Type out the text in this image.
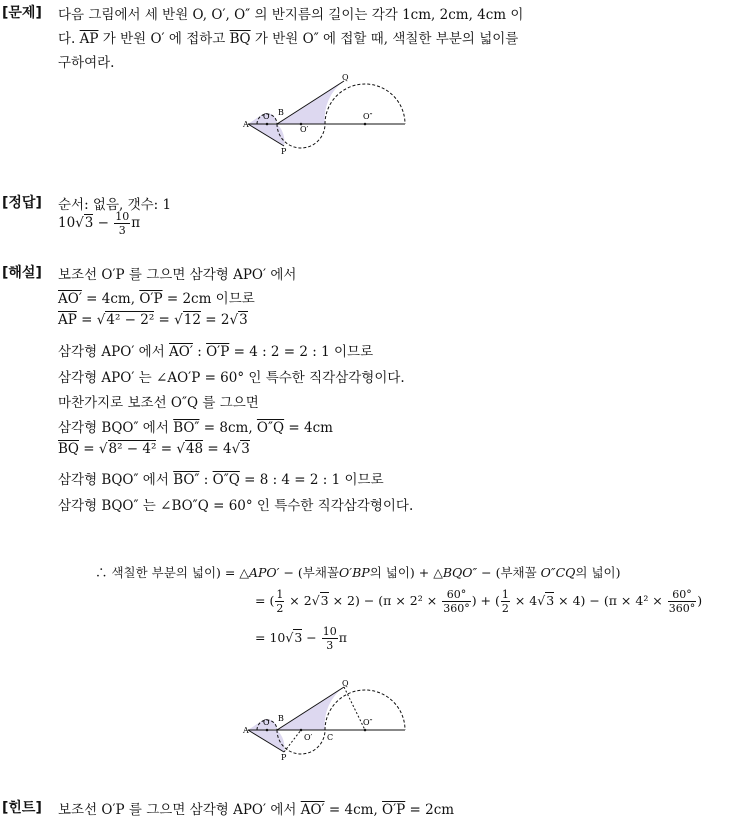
[문제] 다음 그림에서 세 반원 O, O′, O″ 의 반지름의 길이는 각각 1cm, 2cm, 4cm 이
다. $\overline{AP}$ 가 반원 O′ 에 접하고 $\overline{BQ}$ 가 반원 O″ 에 접할 때, 색칠한 부분의 넓이를
구하여라.
A
O B
O′
O″
P
Q
[정답] 순서: 없음, 갯수: 1
$10√3 - \frac{10}{3}$ π
[해설] 보조선 O′P 를 그으면 삼각형 APO′ 에서
AO′ = 4cm, O′P = 2cm 이므로
$\overline{AP} = √4^2 - 2^2 = √12 = 2√3$
삼각형 APO′ 에서 AO′ : O′P = 4 : 2 = 2 : 1 이므로
삼각형 APO′ 는 ∠AO′P = 60° 인 특수한 직각삼각형이다.
마찬가지로 보조선 O″Q 를 그으면
삼각형 BQO″ 에서 BO″ = 8cm, O″Q = 4cm
$\overline{BQ} = √8^2 - 4^2 = √48 = 4√3$
삼각형 BQO″ 에서 BO″ : O″Q = 8 : 4 = 2 : 1 이므로
삼각형 BQO″ 는 ∠BO″Q = 60° 인 특수한 직각삼각형이다.
∴ 색칠한 부분의 넓이) = △APO′ − (부채꼴O′BP의 넓이) + △BQO″ − (부채꼴 O″CQ의 넓이)
= ( $\frac{1}{2} \times 2√3 \times 2) - (\pi \times 2^2 \times \frac{60^\circ}{360^\circ}$ ) + ( $\frac{1}{2} \times 4√3 \times 4) - (\pi \times 4^2 \times \frac{60^\circ}{360^\circ}$ )
= $10√3 - \frac{10}{3}$ π
A
O B
O′
O″
C
P
Q
[힌트] 보조선 O′P 를 그으면 삼각형 APO′ 에서 AO′ = 4cm, O′P = 2cm
